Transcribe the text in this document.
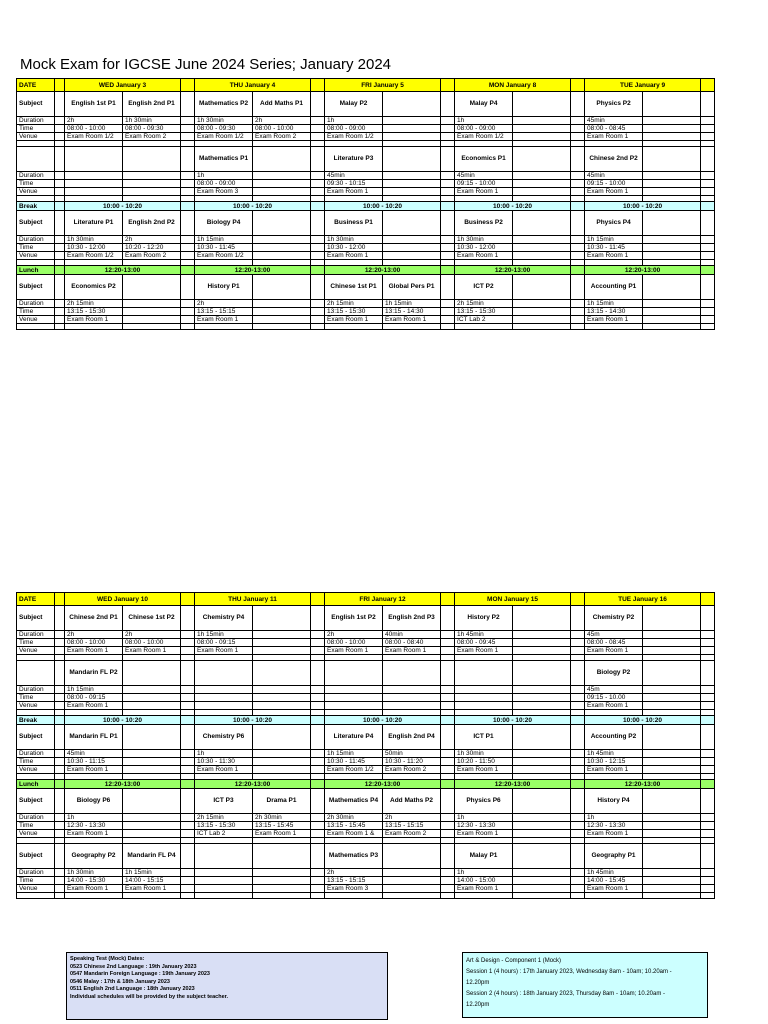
Mock Exam for IGCSE June 2024 Series; January 2024
DATE		WED January 3			THU January 4			FRI January 5			MON January 8			TUE January 9		
Subject		English 1st P1	English 2nd P1		Mathematics P2	Add Maths P1		Malay P2			Malay P4			Physics P2		
Duration		2h	1h 30min		1h 30min	2h		1h			1h			45min		
Time		08:00 - 10:00	08:00 - 09:30		08:00 - 09:30	08:00 - 10:00		08:00 - 09:00			08:00 - 09:00			08:00 - 08:45		
Venue		Exam Room 1/2	Exam Room 2		Exam Room 1/2	Exam Room 2		Exam Room 1/2			Exam Room 1/2			Exam Room 1		

					Mathematics P1			Literature P3			Economics P1			Chinese 2nd P2		
Duration					1h			45min			45min			45min		
Time					08:00 - 09:00			09:30 - 10:15			09:15 - 10:00			09:15 - 10:00		
Venue					Exam Room 3			Exam Room 1			Exam Room 1			Exam Room 1		

Break		10:00 - 10:20			10:00 - 10:20			10:00 - 10:20			10:00 - 10:20			10:00 - 10:20		
Subject		Literature P1	English 2nd P2		Biology P4			Business P1			Business P2			Physics P4		
Duration		1h 30min	2h		1h 15min			1h 30min			1h 30min			1h 15min		
Time		10:30 - 12:00	10:20 - 12:20		10:30 - 11:45			10:30 - 12:00			10:30 - 12:00			10:30 - 11:45		
Venue		Exam Room 1/2	Exam Room 2		Exam Room 1/2			Exam Room 1			Exam Room 1			Exam Room 1		

Lunch		12:20-13:00			12:20-13:00			12:20-13:00			12:20-13:00			12:20-13:00		
Subject		Economics P2			History P1			Chinese 1st P1	Global Pers P1		ICT P2			Accounting P1		
Duration		2h 15min			2h			2h 15min	1h 15min		2h 15min			1h 15min		
Time		13:15 - 15:30			13:15 - 15:15			13:15 - 15:30	13:15 - 14:30		13:15 - 15:30			13:15 - 14:30		
Venue		Exam Room 1			Exam Room 1			Exam Room 1	Exam Room 1		ICT Lab 2			Exam Room 1		

DATE		WED January 10			THU January 11			FRI January 12			MON January 15			TUE January 16		
Subject		Chinese 2nd P1	Chinese 1st P2		Chemistry P4			English 1st P2	English 2nd P3		History P2			Chemistry P2		
Duration		2h	2h		1h 15min			2h	40min		1h 45min			45m		
Time		08:00 - 10:00	08:00 - 10:00		08:00 - 09:15			08:00 - 10:00	08:00 - 08:40		08:00 - 09:45			08:00 - 08:45		
Venue		Exam Room 1	Exam Room 1		Exam Room 1			Exam Room 1	Exam Room 1		Exam Room 1			Exam Room 1		

		Mandarin FL P2												Biology P2		
Duration		1h 15min												45m		
Time		08:00 - 09:15												09:15 - 10.00		
Venue		Exam Room 1												Exam Room 1		

Break		10:00 - 10:20			10:00 - 10:20			10:00 - 10:20			10:00 - 10:20			10:00 - 10:20		
Subject		Mandarin FL P1			Chemistry P6			Literature P4	English 2nd P4		ICT P1			Accounting P2		
Duration		45min			1h			1h 15min	50min		1h 30min			1h 45min		
Time		10:30 - 11:15			10:30 - 11:30			10:30 - 11:45	10:30 - 11:20		10:20 - 11:50			10:30 - 12:15		
Venue		Exam Room 1			Exam Room 1			Exam Room 1/2	Exam Room 2		Exam Room 1			Exam Room 1		

Lunch		12:20-13:00			12:20-13:00			12:20-13:00			12:20-13:00			12:20-13:00		
Subject		Biology P6			ICT P3	Drama P1		Mathematics P4	Add Maths P2		Physics P6			History P4		
Duration		1h			2h 15min	2h 30min		2h 30min	2h		1h			1h		
Time		12:30 - 13:30			13:15 - 15:30	13:15 - 15:45		13:15 - 15:45	13:15 - 15:15		12:30 - 13:30			12:30 - 13:30		
Venue		Exam Room 1			ICT Lab 2	Exam Room 1		Exam Room 1 &	Exam Room 2		Exam Room 1			Exam Room 1		

Subject		Geography P2	Mandarin FL P4					Mathematics P3			Malay P1			Geography P1		
Duration		1h 30min	1h 15min					2h			1h			1h 45min		
Time		14:00 - 15:30	14:00 - 15:15					13:15 - 15:15			14:00 - 15:00			14:00 - 15:45		
Venue		Exam Room 1	Exam Room 1					Exam Room 3			Exam Room 1			Exam Room 1		

Speaking Test (Mock) Dates:
0523 Chinese 2nd Language : 19th January 2023
0547 Mandarin Foreign Language : 19th January 2023
0546 Malay : 17th & 18th January 2023
0511 English 2nd Language : 18th January 2023
Individual schedules will be provided by the subject teacher.
Art & Design - Component 1 (Mock)
Session 1 (4 hours) : 17th January 2023, Wednesday 8am - 10am; 10.20am -
12.20pm
Session 2 (4 hours) : 18th January 2023, Thursday 8am - 10am; 10.20am -
12.20pm
